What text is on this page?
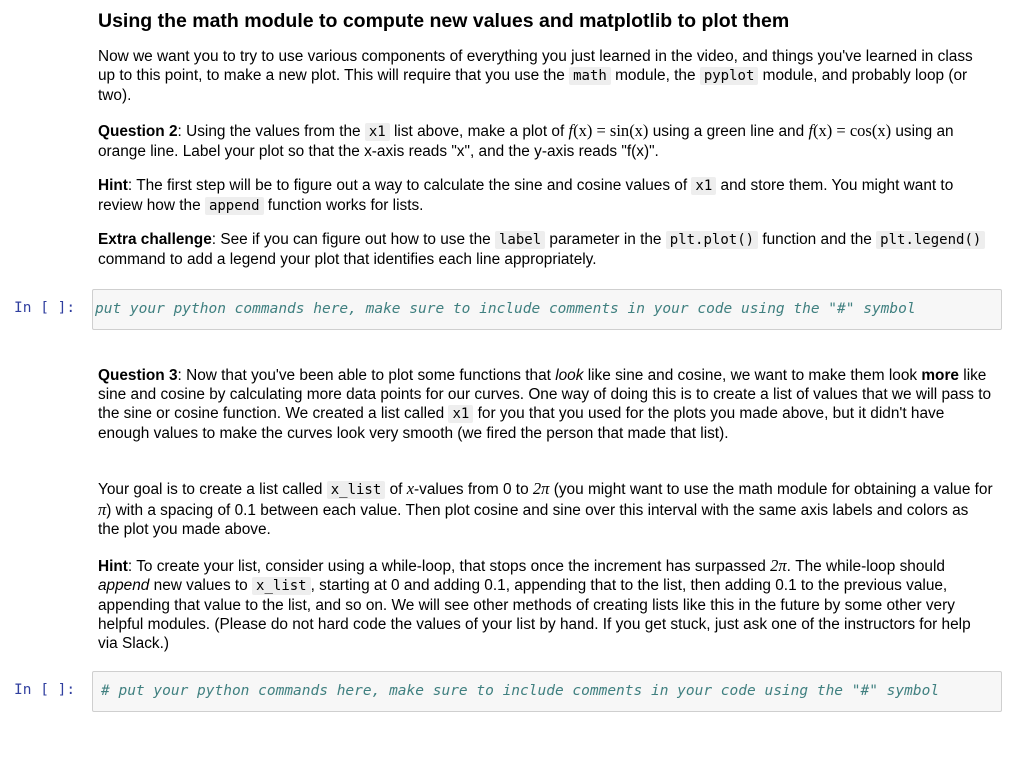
Using the math module to compute new values and matplotlib to plot them

Now we want you to try to use various components of everything you just learned in the video, and things you've learned in class up to this point, to make a new plot. This will require that you use the math module, the pyplot module, and probably loop (or two).

Question 2: Using the values from the x1 list above, make a plot of f(x) = sin(x) using a green line and f(x) = cos(x) using an orange line. Label your plot so that the x-axis reads "x", and the y-axis reads "f(x)".

Hint: The first step will be to figure out a way to calculate the sine and cosine values of x1 and store them. You might want to review how the append function works for lists.

Extra challenge: See if you can figure out how to use the label parameter in the plt.plot() function and the plt.legend() command to add a legend your plot that identifies each line appropriately.

In [ ]: put your python commands here, make sure to include comments in your code using the "#" symbol

Question 3: Now that you've been able to plot some functions that look like sine and cosine, we want to make them look more like sine and cosine by calculating more data points for our curves. One way of doing this is to create a list of values that we will pass to the sine or cosine function. We created a list called x1 for you that you used for the plots you made above, but it didn't have enough values to make the curves look very smooth (we fired the person that made that list).

Your goal is to create a list called x_list of x-values from 0 to 2π (you might want to use the math module for obtaining a value for π) with a spacing of 0.1 between each value. Then plot cosine and sine over this interval with the same axis labels and colors as the plot you made above.

Hint: To create your list, consider using a while-loop, that stops once the increment has surpassed 2π. The while-loop should append new values to x_list , starting at 0 and adding 0.1, appending that to the list, then adding 0.1 to the previous value, appending that value to the list, and so on. We will see other methods of creating lists like this in the future by some other very helpful modules. (Please do not hard code the values of your list by hand. If you get stuck, just ask one of the instructors for help via Slack.)

In [ ]: # put your python commands here, make sure to include comments in your code using the "#" symbol
